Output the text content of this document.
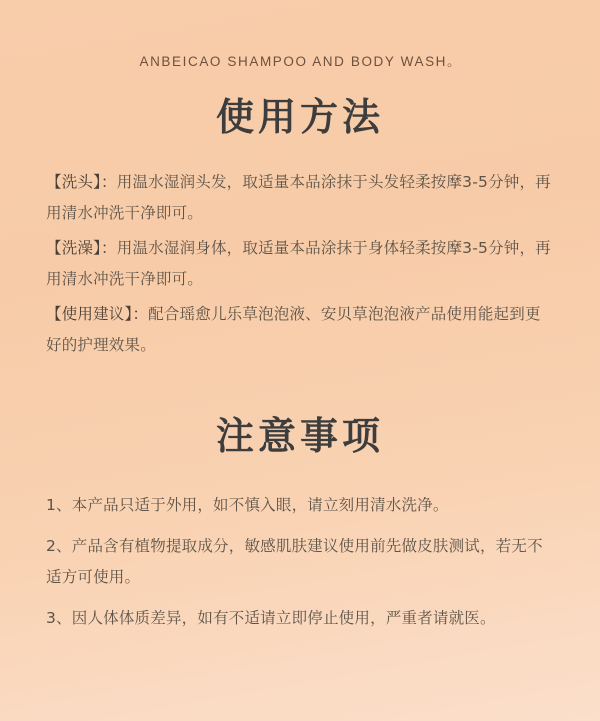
ANBEICAO SHAMPOO AND BODY WASH。
使用方法

【洗头】：用温水湿润头发，取适量本品涂抹于头发轻柔按摩3-5分钟，再用清水冲洗干净即可。

【洗澡】：用温水湿润身体，取适量本品涂抹于身体轻柔按摩3-5分钟，再用清水冲洗干净即可。

【使用建议】：配合瑶愈儿乐草泡泡液、安贝草泡泡液产品使用能起到更好的护理效果。

注意事项

1、本产品只适于外用，如不慎入眼，请立刻用清水洗净。

2、产品含有植物提取成分，敏感肌肤建议使用前先做皮肤测试，若无不适方可使用。

3、因人体体质差异，如有不适请立即停止使用，严重者请就医。
